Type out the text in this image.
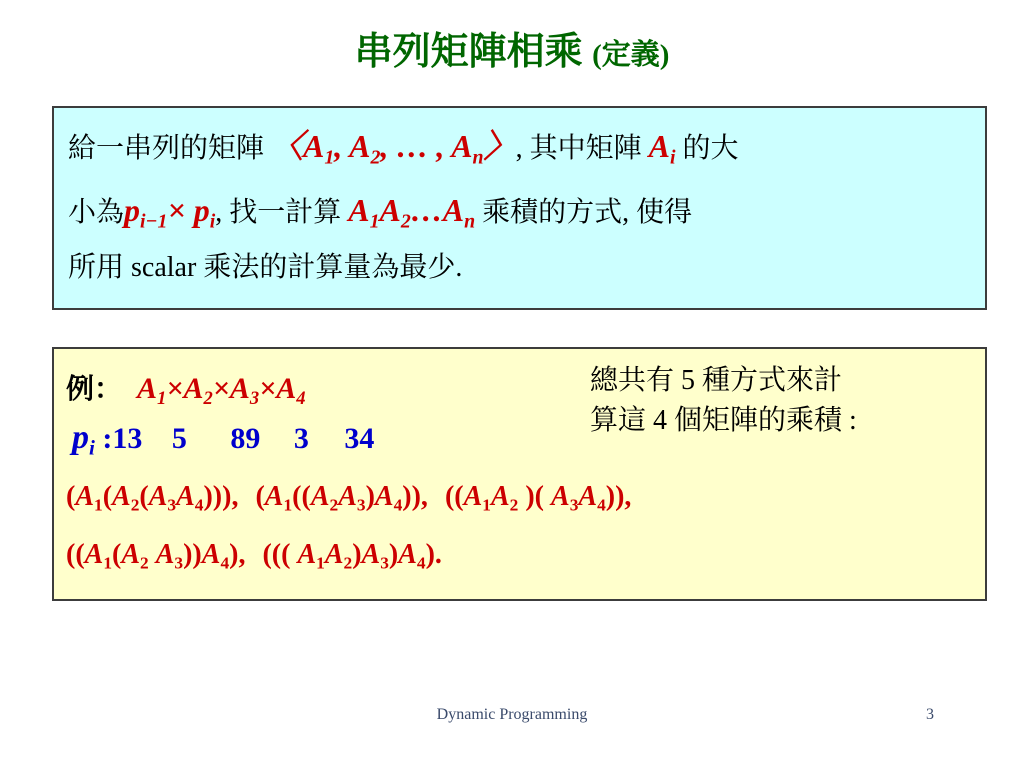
串列矩陣相乘 (定義)
給一串列的矩陣 〈$A_1$, $A_2$, … , $A_n$〉, 其中矩陣 $A_i$ 的大
小為$p_{i-1}\times p_i$, 找一計算 $A_1A_2\dots A_n$ 乘積的方式, 使得
所用 scalar 乘法的計算量為最少.
例： $A_1\times A_2\times A_3\times A_4$
$p_i$ :13 5 89 3 34
總共有 5 種方式來計
算這 4 個矩陣的乘積 :
$(A_1(A_2(A_3A_4)))$, $(A_1((A_2A_3)A_4))$, (($A_1A_2$ )( $A_3A_4$)),
(($A_1(A_2$ $A_3))A_4$), ((( $A_1A_2)A_3)A_4$).
Dynamic Programming	3
